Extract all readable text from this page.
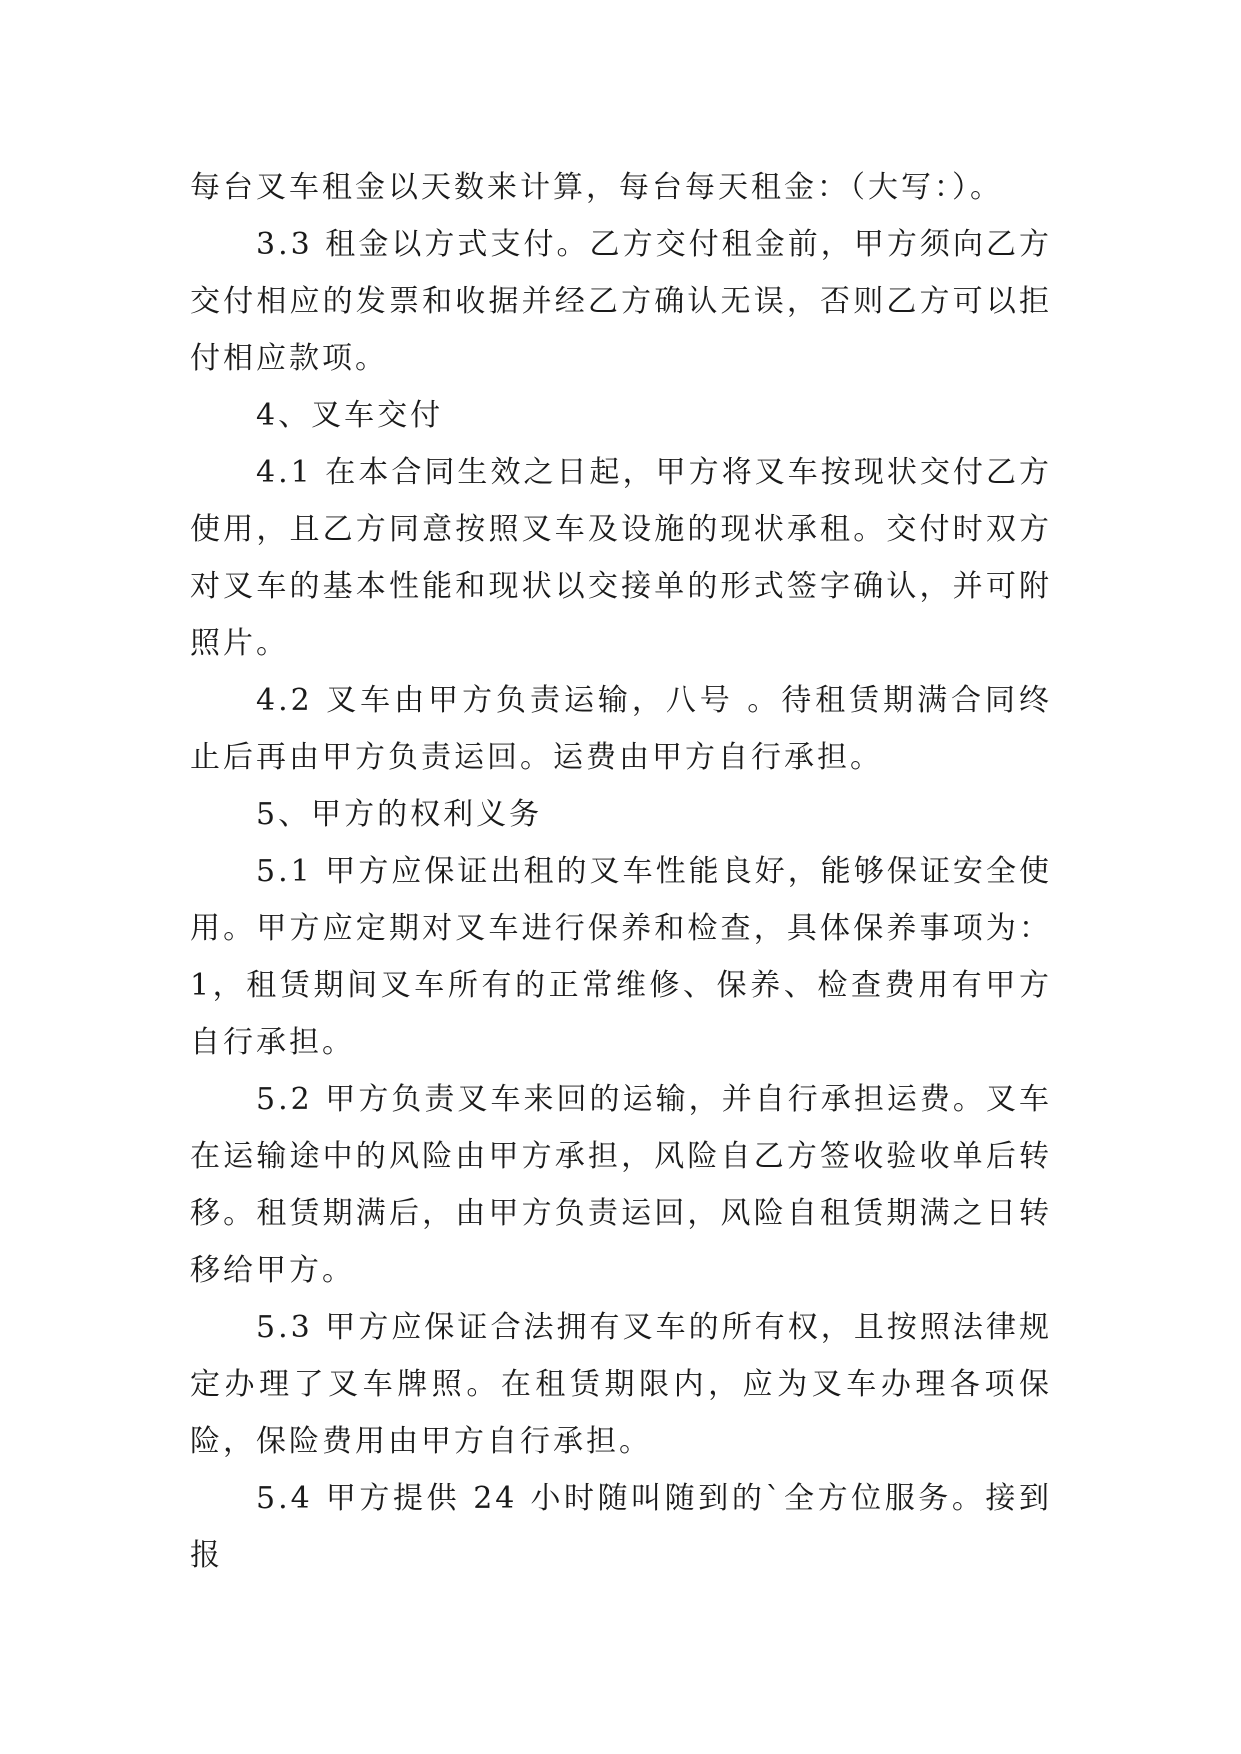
每台叉车租金以天数来计算，每台每天租金：（大写：）。

3.3 租金以方式支付。乙方交付租金前，甲方须向乙方交付相应的发票和收据并经乙方确认无误，否则乙方可以拒付相应款项。

4、叉车交付

4.1 在本合同生效之日起，甲方将叉车按现状交付乙方使用，且乙方同意按照叉车及设施的现状承租。交付时双方对叉车的基本性能和现状以交接单的形式签字确认，并可附照片。

4.2 叉车由甲方负责运输，八号 。待租赁期满合同终止后再由甲方负责运回。运费由甲方自行承担。

5、甲方的权利义务

5.1 甲方应保证出租的叉车性能良好，能够保证安全使用。甲方应定期对叉车进行保养和检查，具体保养事项为：1，租赁期间叉车所有的正常维修、保养、检查费用有甲方自行承担。

5.2 甲方负责叉车来回的运输，并自行承担运费。叉车在运输途中的风险由甲方承担，风险自乙方签收验收单后转移。租赁期满后，由甲方负责运回，风险自租赁期满之日转移给甲方。

5.3 甲方应保证合法拥有叉车的所有权，且按照法律规定办理了叉车牌照。在租赁期限内，应为叉车办理各项保险，保险费用由甲方自行承担。

5.4 甲方提供 24 小时随叫随到的`全方位服务。接到报
